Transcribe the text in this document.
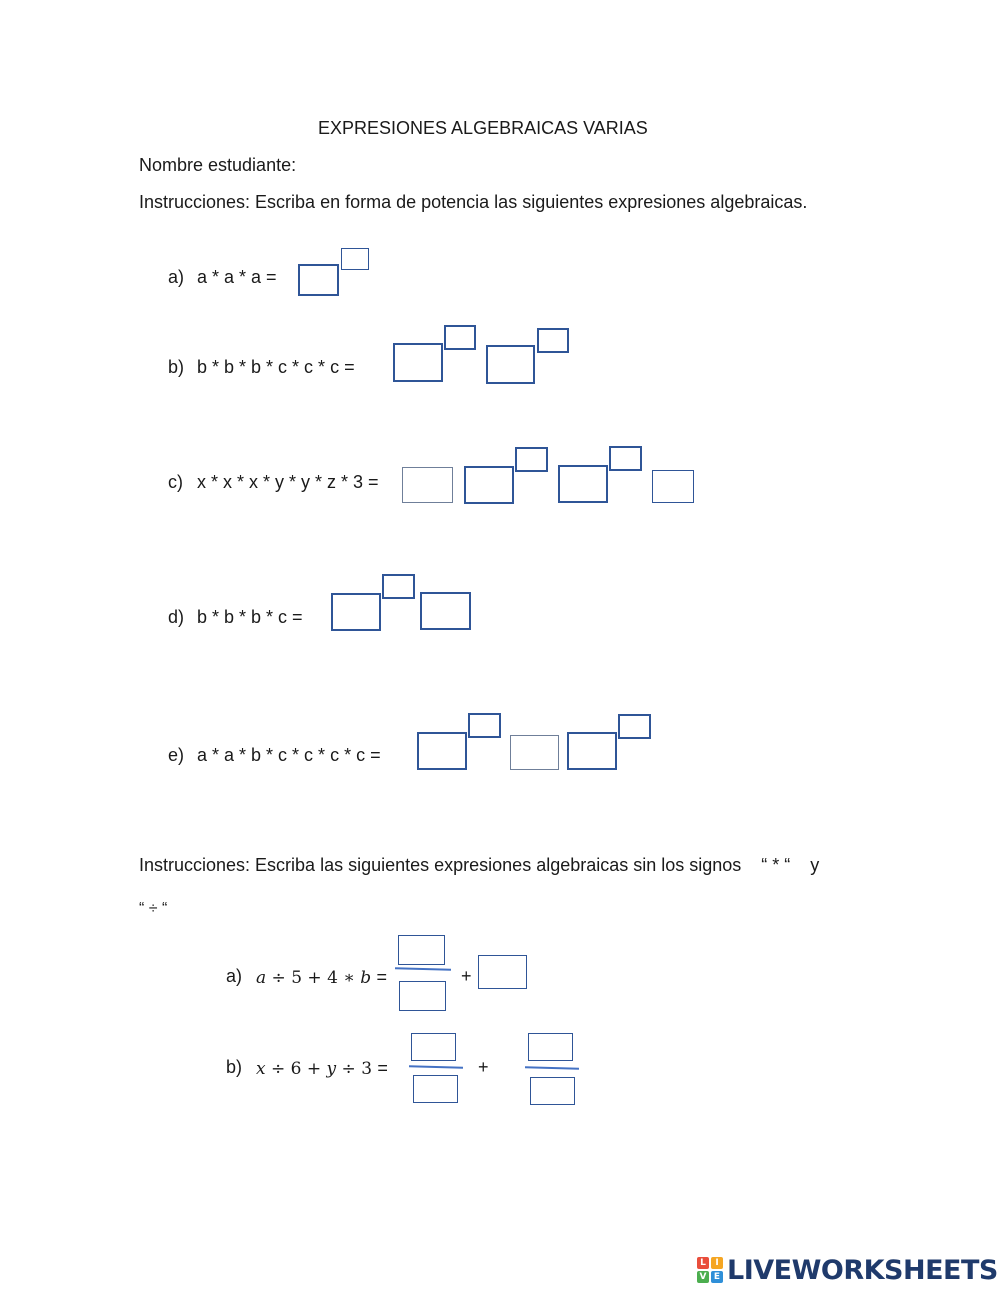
EXPRESIONES ALGEBRAICAS VARIAS
Nombre estudiante:
Instrucciones: Escriba en forma de potencia las siguientes expresiones algebraicas.
a) a * a * a =
b) b * b * b * c * c * c =
c) x * x * x * y * y * z * 3 =
d) b * b * b * c =
e) a * a * b * c * c * c * c =
Instrucciones: Escriba las siguientes expresiones algebraicas sin los signos    “ * “    y
“ ÷ “
a) a ÷ 5 + 4 ∗ b =	+
b) x ÷ 6 + y ÷ 3 =	+
L	I
V E LIVEWORKSHEETS
